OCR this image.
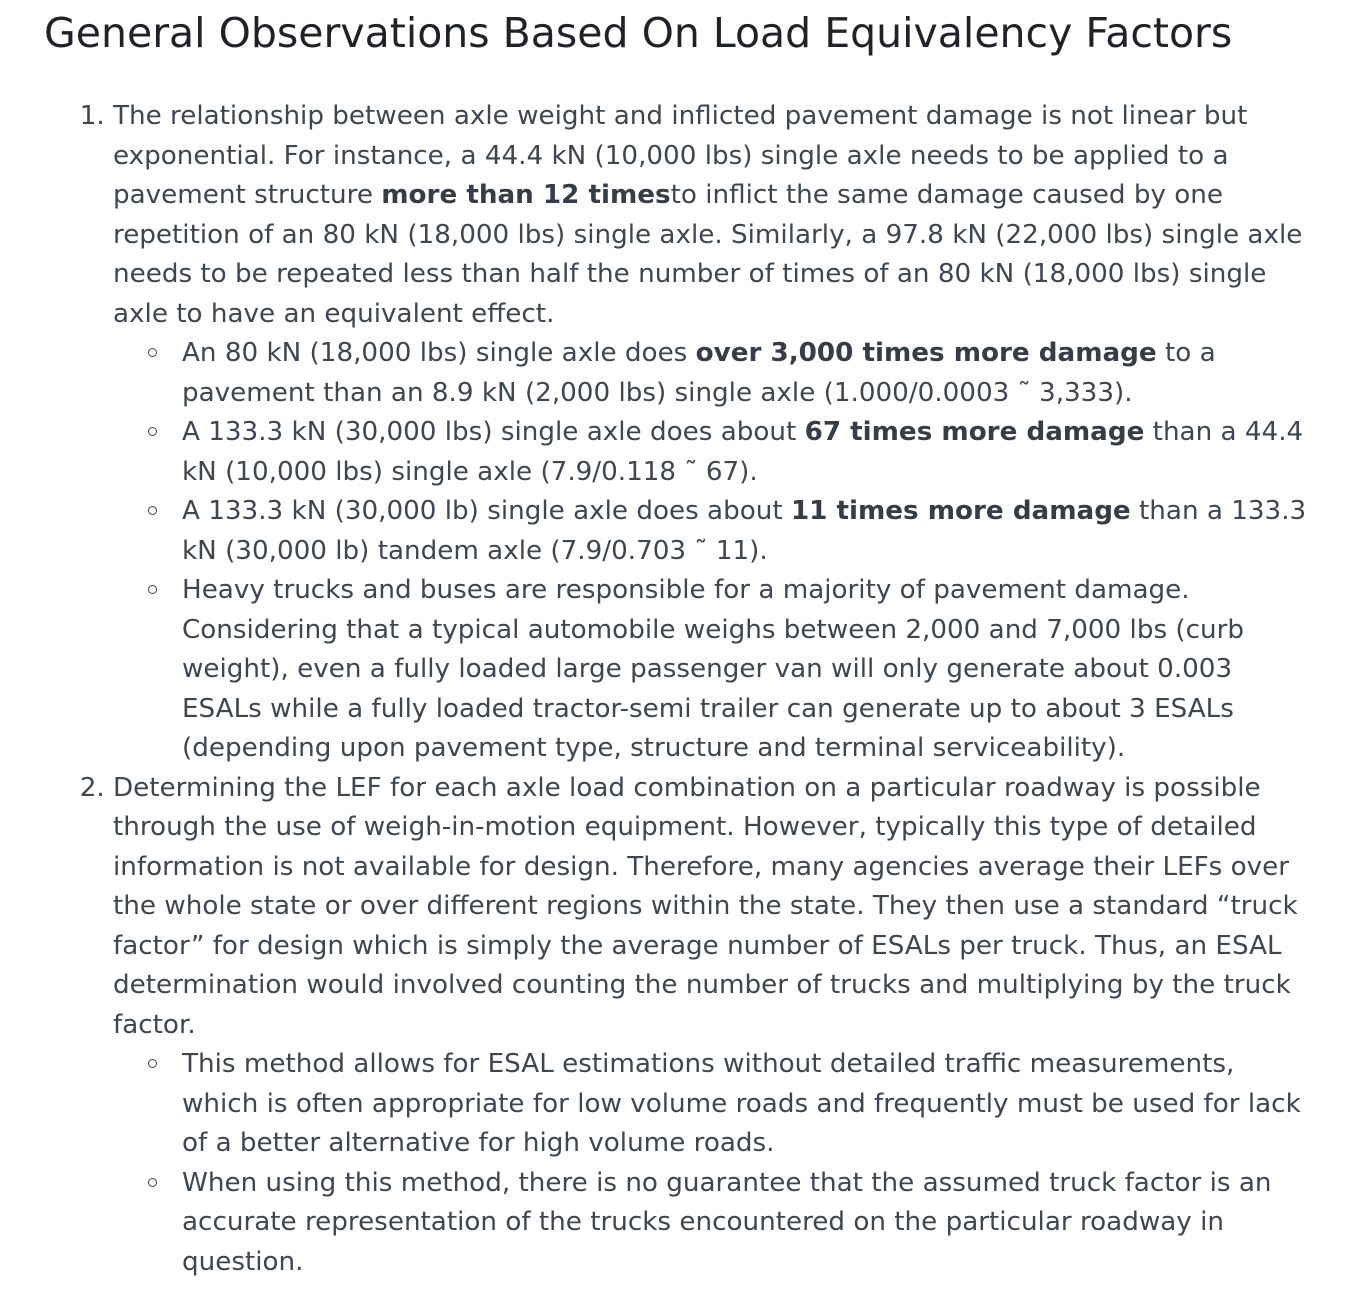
General Observations Based On Load Equivalency Factors
1. The relationship between axle weight and inflicted pavement damage is not linear but exponential. For instance, a 44.4 kN (10,000 lbs) single axle needs to be applied to a pavement structure more than 12 timesto inflict the same damage caused by one repetition of an 80 kN (18,000 lbs) single axle. Similarly, a 97.8 kN (22,000 lbs) single axle needs to be repeated less than half the number of times of an 80 kN (18,000 lbs) single axle to have an equivalent effect.
An 80 kN (18,000 lbs) single axle does over 3,000 times more damage to a pavement than an 8.9 kN (2,000 lbs) single axle (1.000/0.0003 ˜ 3,333).
A 133.3 kN (30,000 lbs) single axle does about 67 times more damage than a 44.4 kN (10,000 lbs) single axle (7.9/0.118 ˜ 67).
A 133.3 kN (30,000 lb) single axle does about 11 times more damage than a 133.3 kN (30,000 lb) tandem axle (7.9/0.703 ˜ 11).
Heavy trucks and buses are responsible for a majority of pavement damage. Considering that a typical automobile weighs between 2,000 and 7,000 lbs (curb weight), even a fully loaded large passenger van will only generate about 0.003 ESALs while a fully loaded tractor-semi trailer can generate up to about 3 ESALs (depending upon pavement type, structure and terminal serviceability).
2. Determining the LEF for each axle load combination on a particular roadway is possible through the use of weigh-in-motion equipment. However, typically this type of detailed information is not available for design. Therefore, many agencies average their LEFs over the whole state or over different regions within the state. They then use a standard “truck factor” for design which is simply the average number of ESALs per truck. Thus, an ESAL determination would involved counting the number of trucks and multiplying by the truck factor.
This method allows for ESAL estimations without detailed traffic measurements, which is often appropriate for low volume roads and frequently must be used for lack of a better alternative for high volume roads.
When using this method, there is no guarantee that the assumed truck factor is an accurate representation of the trucks encountered on the particular roadway in question.
